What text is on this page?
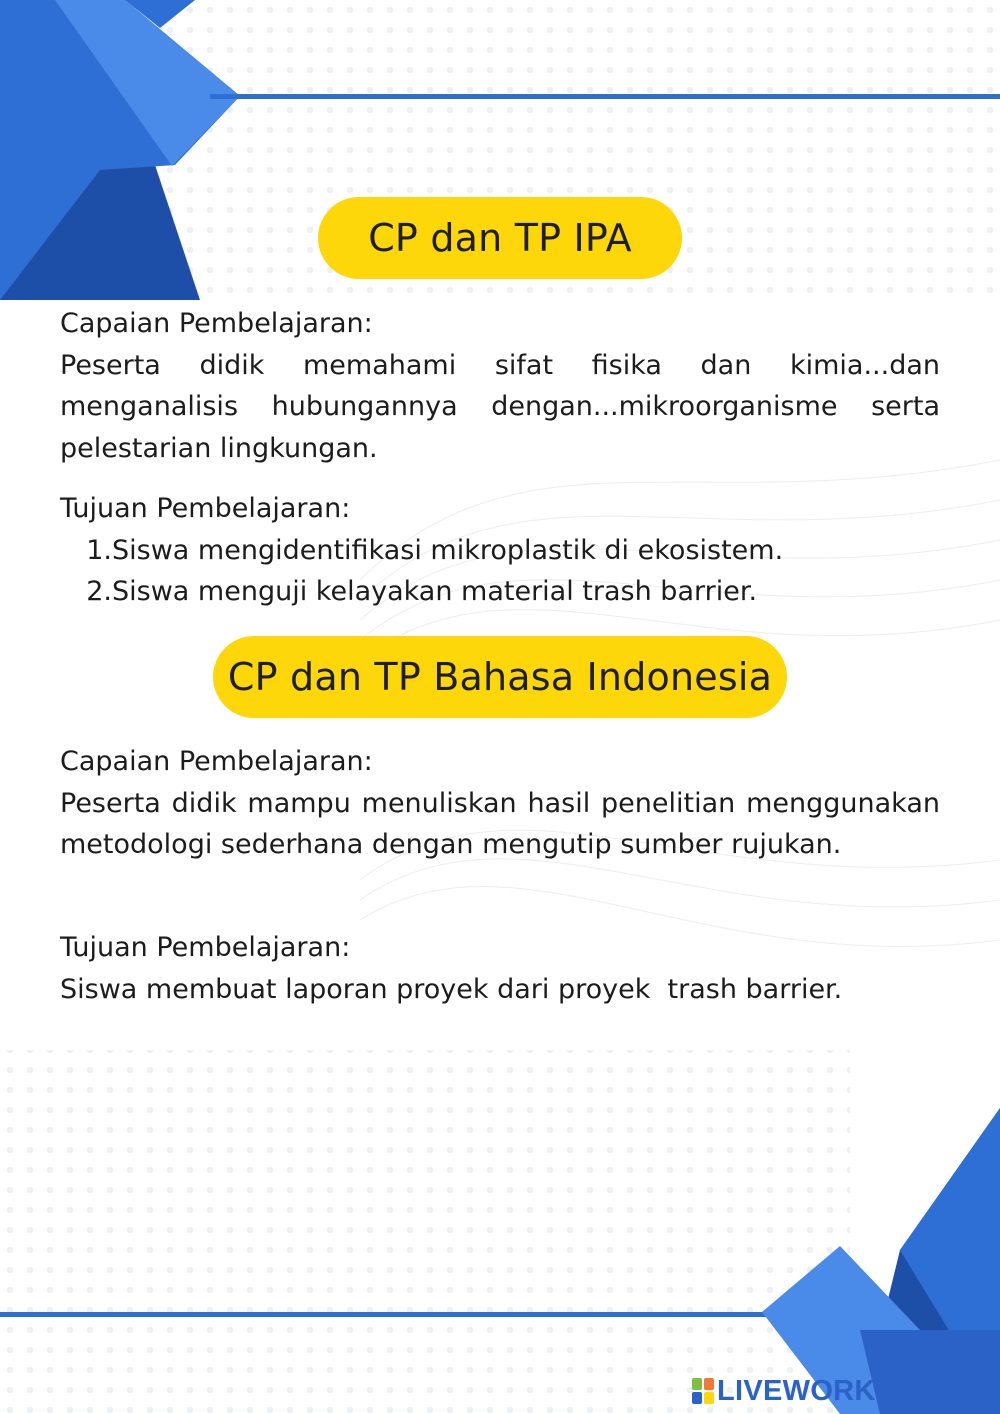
CP dan TP IPA
Capaian Pembelajaran:

Peserta didik memahami sifat fisika dan kimia...dan menganalisis hubungannya dengan...mikroorganisme serta pelestarian lingkungan.

Tujuan Pembelajaran:
1. Siswa mengidentifikasi mikroplastik di ekosistem.
2. Siswa menguji kelayakan material trash barrier.
CP dan TP Bahasa Indonesia
Capaian Pembelajaran:

Peserta didik mampu menuliskan hasil penelitian menggunakan metodologi sederhana dengan mengutip sumber rujukan.

Tujuan Pembelajaran:
Siswa membuat laporan proyek dari proyek  trash barrier.
LIVEWORKSHEETS
